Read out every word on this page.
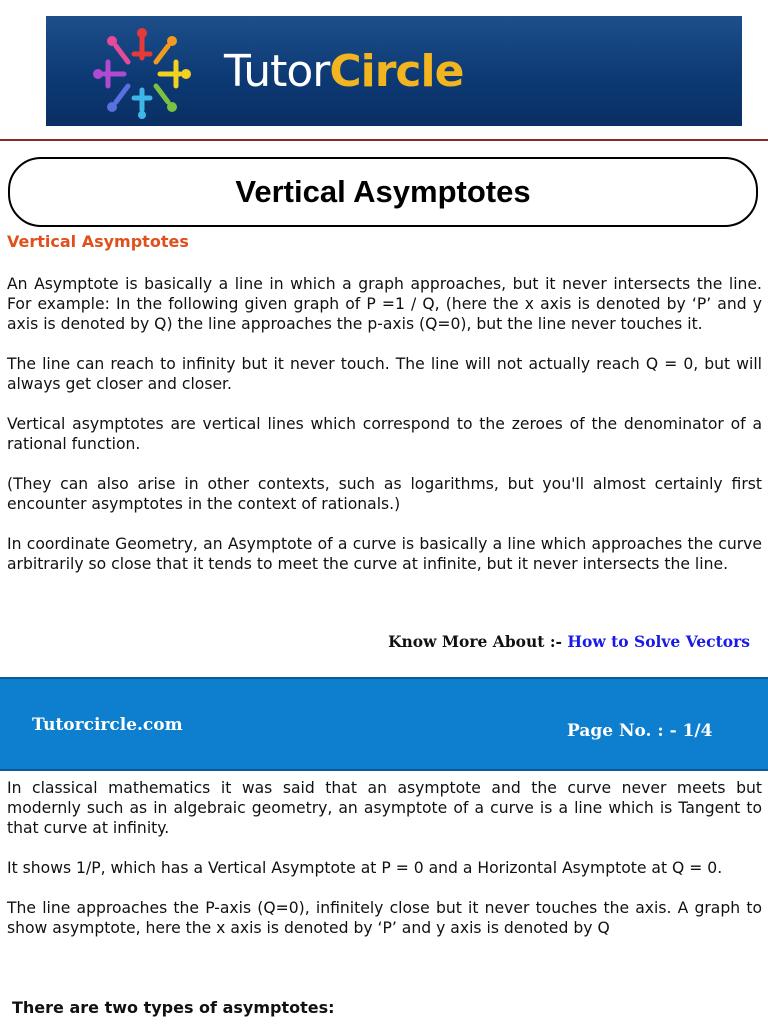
TutorCircle
Vertical Asymptotes
Vertical Asymptotes

An Asymptote is basically a line in which a graph approaches, but it never intersects the line. For example: In the following given graph of P =1 / Q, (here the x axis is denoted by ‘P’ and y axis is denoted by Q) the line approaches the p-axis (Q=0), but the line never touches it.

The line can reach to infinity but it never touch. The line will not actually reach Q = 0, but will always get closer and closer.

Vertical asymptotes are vertical lines which correspond to the zeroes of the denominator of a rational function.

(They can also arise in other contexts, such as logarithms, but you'll almost certainly first encounter asymptotes in the context of rationals.)

In coordinate Geometry, an Asymptote of a curve is basically a line which approaches the curve arbitrarily so close that it tends to meet the curve at infinite, but it never intersects the line.

Know More About :- How to Solve Vectors
Tutorcircle.com	Page No. : - 1/4

In classical mathematics it was said that an asymptote and the curve never meets but modernly such as in algebraic geometry, an asymptote of a curve is a line which is Tangent to that curve at infinity.

It shows 1/P, which has a Vertical Asymptote at P = 0 and a Horizontal Asymptote at Q = 0.

The line approaches the P-axis (Q=0), infinitely close but it never touches the axis. A graph to show asymptote, here the x axis is denoted by ‘P’ and y axis is denoted by Q

There are two types of asymptotes:
